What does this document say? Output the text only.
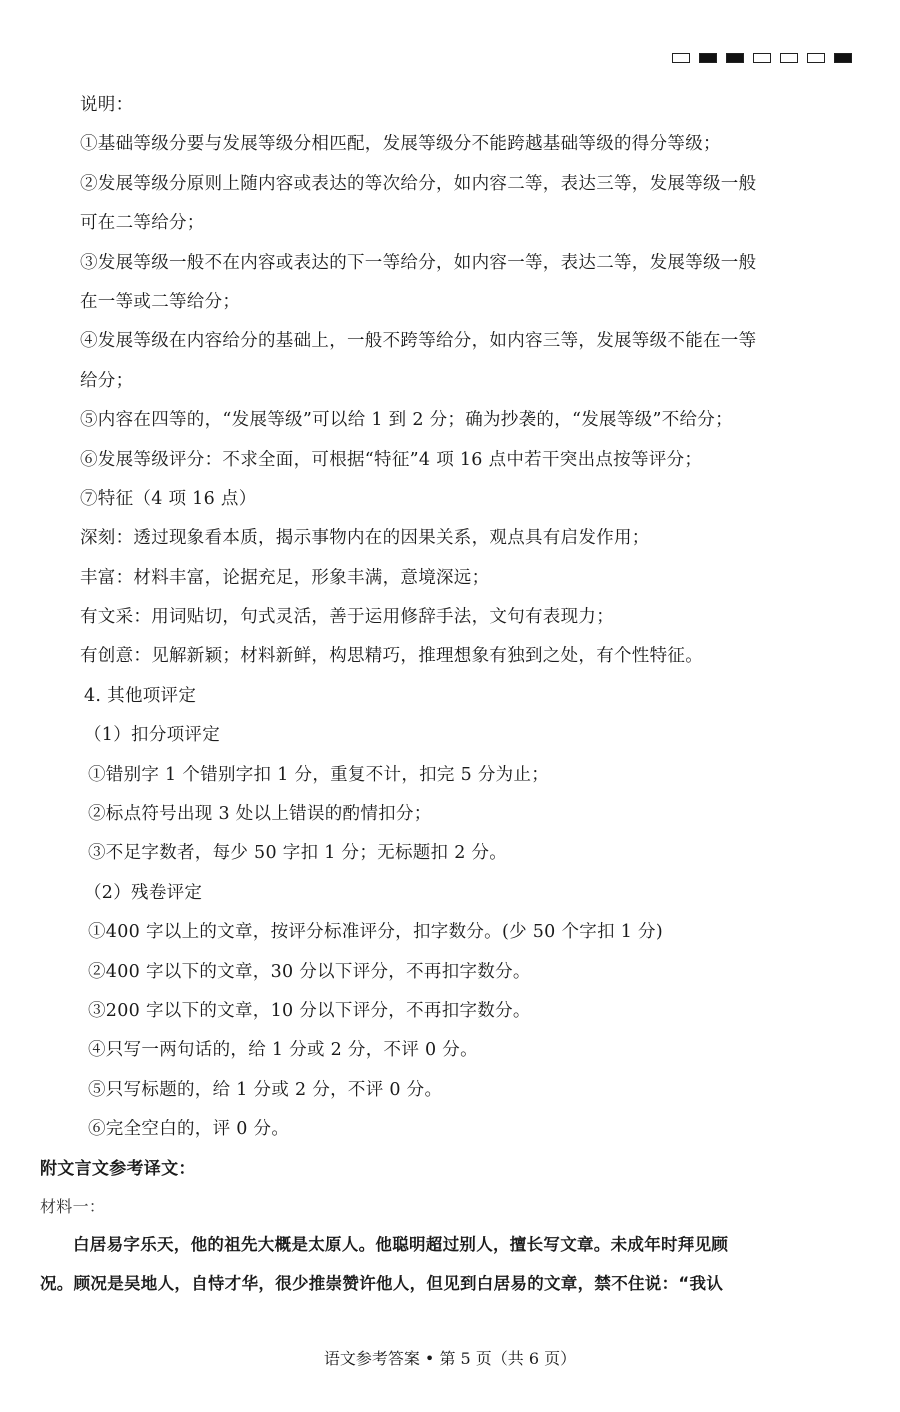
说明：
①基础等级分要与发展等级分相匹配，发展等级分不能跨越基础等级的得分等级；
②发展等级分原则上随内容或表达的等次给分，如内容二等，表达三等，发展等级一般
可在二等给分；
③发展等级一般不在内容或表达的下一等给分，如内容一等，表达二等，发展等级一般
在一等或二等给分；
④发展等级在内容给分的基础上，一般不跨等给分，如内容三等，发展等级不能在一等
给分；
⑤内容在四等的，“发展等级”可以给 1 到 2 分；确为抄袭的，“发展等级”不给分；
⑥发展等级评分：不求全面，可根据“特征”4 项 16 点中若干突出点按等评分；
⑦特征（4 项 16 点）
深刻：透过现象看本质，揭示事物内在的因果关系，观点具有启发作用；
丰富：材料丰富，论据充足，形象丰满，意境深远；
有文采：用词贴切，句式灵活，善于运用修辞手法，文句有表现力；
有创意：见解新颖；材料新鲜，构思精巧，推理想象有独到之处，有个性特征。
4. 其他项评定
（1）扣分项评定
①错别字 1 个错别字扣 1 分，重复不计，扣完 5 分为止；
②标点符号出现 3 处以上错误的酌情扣分；
③不足字数者，每少 50 字扣 1 分；无标题扣 2 分。
（2）残卷评定
①400 字以上的文章，按评分标准评分，扣字数分。(少 50 个字扣 1 分)
②400 字以下的文章，30 分以下评分，不再扣字数分。
③200 字以下的文章，10 分以下评分，不再扣字数分。
④只写一两句话的，给 1 分或 2 分，不评 0 分。
⑤只写标题的，给 1 分或 2 分，不评 0 分。
⑥完全空白的，评 0 分。
附文言文参考译文：
材料一：
白居易字乐天，他的祖先大概是太原人。他聪明超过别人，擅长写文章。未成年时拜见顾
况。顾况是吴地人，自恃才华，很少推崇赞许他人，但见到白居易的文章，禁不住说：“我认
语文参考答案 • 第 5 页（共 6 页）
